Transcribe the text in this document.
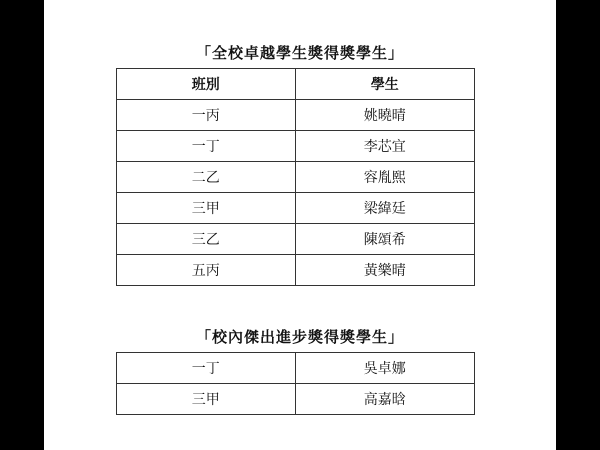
「全校卓越學生獎得獎學生」
班別	學生
一丙	姚曉晴
一丁	李芯宜
二乙	容胤熙
三甲	梁緯廷
三乙	陳頌希
五丙	黃樂晴
「校內傑出進步獎得獎學生」
一丁	吳卓娜
三甲	高嘉晗
